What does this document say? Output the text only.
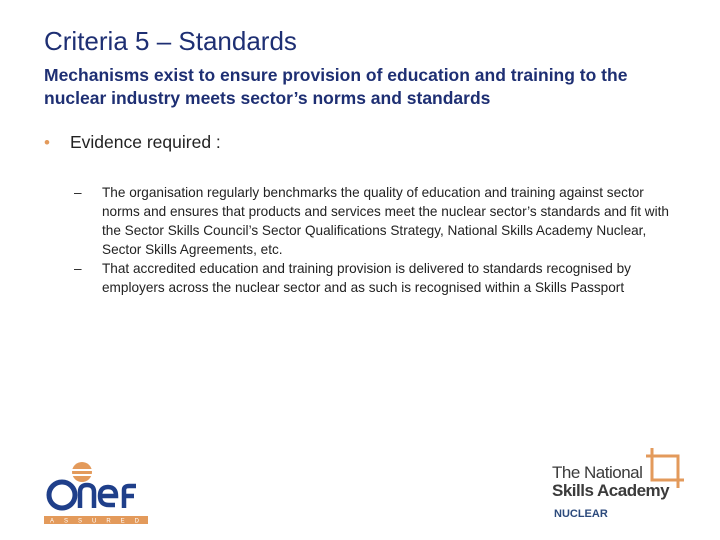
Criteria 5 – Standards
Mechanisms exist to ensure provision of education and training to the nuclear industry meets sector’s norms and standards
•	Evidence required :
–	The organisation regularly benchmarks the quality of education and training against sector norms and ensures that products and services meet the nuclear sector’s standards and fit with the Sector Skills Council’s Sector Qualifications Strategy, National Skills Academy Nuclear, Sector Skills Agreements, etc.
–	That accredited education and training provision is delivered to standards recognised by employers across the nuclear sector and as such is recognised within a Skills Passport
ASSURED
The National
Skills Academy
NUCLEAR
